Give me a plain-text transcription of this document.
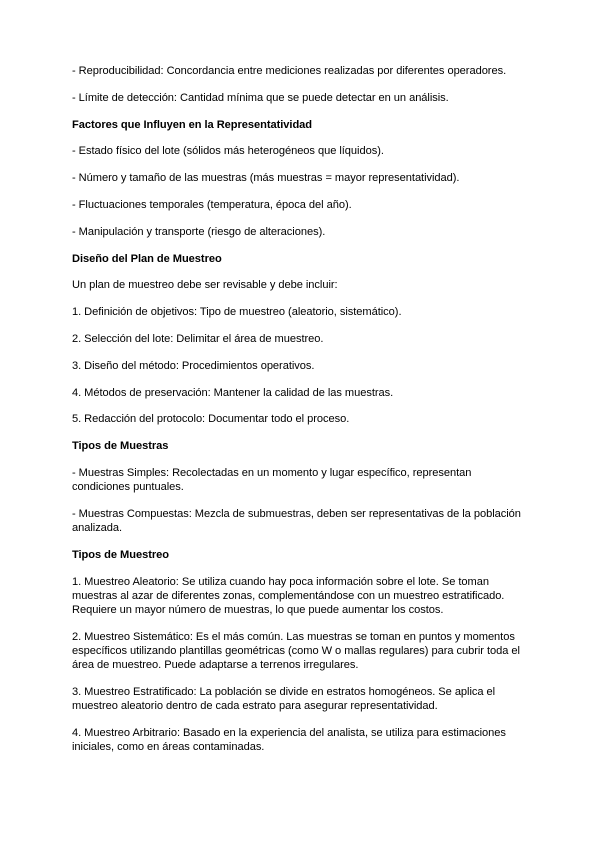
- Reproducibilidad: Concordancia entre mediciones realizadas por diferentes operadores.

- Límite de detección: Cantidad mínima que se puede detectar en un análisis.

Factores que Influyen en la Representatividad

- Estado físico del lote (sólidos más heterogéneos que líquidos).

- Número y tamaño de las muestras (más muestras = mayor representatividad).

- Fluctuaciones temporales (temperatura, época del año).

- Manipulación y transporte (riesgo de alteraciones).

Diseño del Plan de Muestreo

Un plan de muestreo debe ser revisable y debe incluir:

1. Definición de objetivos: Tipo de muestreo (aleatorio, sistemático).

2. Selección del lote: Delimitar el área de muestreo.

3. Diseño del método: Procedimientos operativos.

4. Métodos de preservación: Mantener la calidad de las muestras.

5. Redacción del protocolo: Documentar todo el proceso.

Tipos de Muestras

- Muestras Simples: Recolectadas en un momento y lugar específico, representan condiciones puntuales.

- Muestras Compuestas: Mezcla de submuestras, deben ser representativas de la población analizada.

Tipos de Muestreo

1. Muestreo Aleatorio: Se utiliza cuando hay poca información sobre el lote. Se toman muestras al azar de diferentes zonas, complementándose con un muestreo estratificado. Requiere un mayor número de muestras, lo que puede aumentar los costos.

2. Muestreo Sistemático: Es el más común. Las muestras se toman en puntos y momentos específicos utilizando plantillas geométricas (como W o mallas regulares) para cubrir toda el área de muestreo. Puede adaptarse a terrenos irregulares.

3. Muestreo Estratificado: La población se divide en estratos homogéneos. Se aplica el muestreo aleatorio dentro de cada estrato para asegurar representatividad.

4. Muestreo Arbitrario: Basado en la experiencia del analista, se utiliza para estimaciones iniciales, como en áreas contaminadas.
